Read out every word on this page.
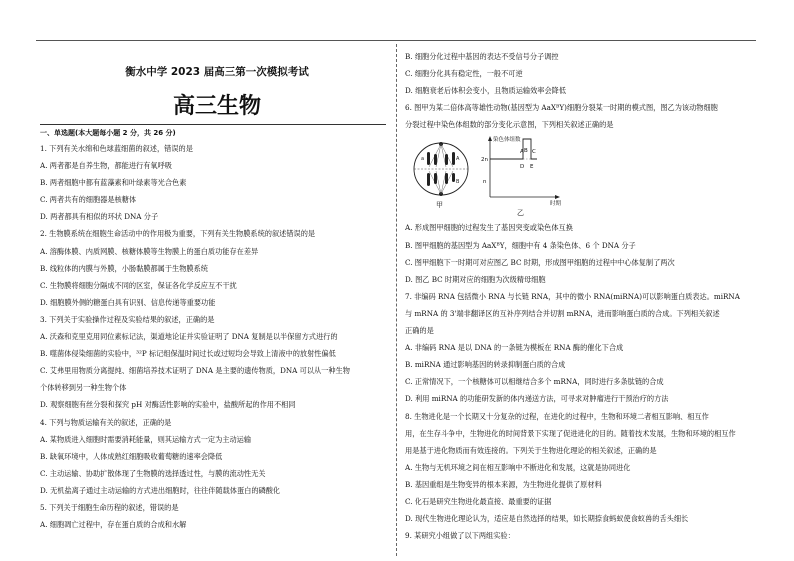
衡水中学 2023 届高三第一次模拟考试
高三生物
一、单选题(本大题每小题 2 分，共 26 分)
1. 下列有关水绵和色球蓝细菌的叙述，错误的是
A. 两者都是自养生物，都能进行有氧呼吸
B. 两者细胞中都有蓝藻素和叶绿素等光合色素
C. 两者共有的细胞器是核糖体
D. 两者都具有相似的环状 DNA 分子
2. 生物膜系统在细胞生命活动中的作用极为重要，下列有关生物膜系统的叙述错误的是
A. 溶酶体膜、内质网膜、核糖体膜等生物膜上的蛋白质功能存在差异
B. 线粒体的内膜与外膜，小肠黏膜都属于生物膜系统
C. 生物膜将细胞分隔成不同的区室，保证各化学反应互不干扰
D. 细胞膜外侧的糖蛋白具有识别、信息传递等重要功能
3. 下列关于实验操作过程及实验结果的叙述，正确的是
A. 沃森和克里克用同位素标记法，渠道地论证并实验证明了 DNA 复制是以半保留方式进行的
B. 噬菌体侵染细菌的实验中，³²P 标记组保温时间过长或过短均会导致上清液中的放射性偏低
C. 艾弗里用物质分离提纯、细菌培养技术证明了 DNA 是主要的遗传物质，DNA 可以从一种生物
个体转移到另一种生物个体
D. 观察细胞有丝分裂和探究 pH 对酶活性影响的实验中，盐酸所起的作用不相同
4. 下列与物质运输有关的叙述，正确的是
A. 某物质进入细胞时需要消耗能量，则其运输方式一定为主动运输
B. 缺氧环境中，人体成熟红细胞吸收葡萄糖的速率会降低
C. 主动运输、协助扩散体现了生物膜的选择透过性，与膜的流动性无关
D. 无机盐离子通过主动运输的方式进出细胞时，往往伴随载体蛋白的磷酸化
5. 下列关于细胞生命历程的叙述，错误的是
A. 细胞凋亡过程中，存在蛋白质的合成和水解
B. 细胞分化过程中基因的表达不受信号分子调控
C. 细胞分化具有稳定性，一般不可逆
D. 细胞衰老后体积会变小，且物质运输效率会降低
6. 图甲为某二倍体高等雄性动物(基因型为 AaXᴮY)细胞分裂某一时期的模式图，图乙为该动物细胞
分裂过程中染色体组数的部分变化示意图，下列相关叙述正确的是
a	A
B
甲
染色体组数
2n
n
A B C
D E
时期
乙
A. 形成图甲细胞的过程发生了基因突变或染色体互换
B. 图甲细胞的基因型为 AaXᴮY，细胞中有 4 条染色体、6 个 DNA 分子
C. 图甲细胞下一时期可对应图乙 BC 时期，形成图甲细胞的过程中中心体复制了两次
D. 图乙 BC 时期对应的细胞为次级精母细胞
7. 非编码 RNA 包括微小 RNA 与长链 RNA，其中的微小 RNA(miRNA)可以影响蛋白质表达。miRNA
与 mRNA 的 3'端非翻译区的互补序列结合并切割 mRNA，进而影响蛋白质的合成。下列相关叙述
正确的是
A. 非编码 RNA 是以 DNA 的一条链为模板在 RNA 酶的催化下合成
B. miRNA 通过影响基因的转录抑制蛋白质的合成
C. 正常情况下，一个核糖体可以相继结合多个 mRNA，同时进行多条肽链的合成
D. 利用 miRNA 的功能研发新的体内递送方法，可寻求对肿瘤进行干预治疗的方法
8. 生物进化是一个长期又十分复杂的过程，在进化的过程中，生物和环境二者相互影响、相互作
用，在生存斗争中，生物进化的时间背景下实现了促进进化的目的。随着技术发展，生物和环境的相互作
用是基于进化物质而有效连接的。下列关于生物进化理论的相关叙述，正确的是
A. 生物与无机环境之间在相互影响中不断进化和发展，这就是协同进化
B. 基因重组是生物变异的根本来源，为生物进化提供了原材料
C. 化石是研究生物进化最直接、最重要的证据
D. 现代生物进化理论认为，适应是自然选择的结果，如长期捺食蚂蚁使食蚁兽的舌头细长
9. 某研究小组做了以下两组实验：
